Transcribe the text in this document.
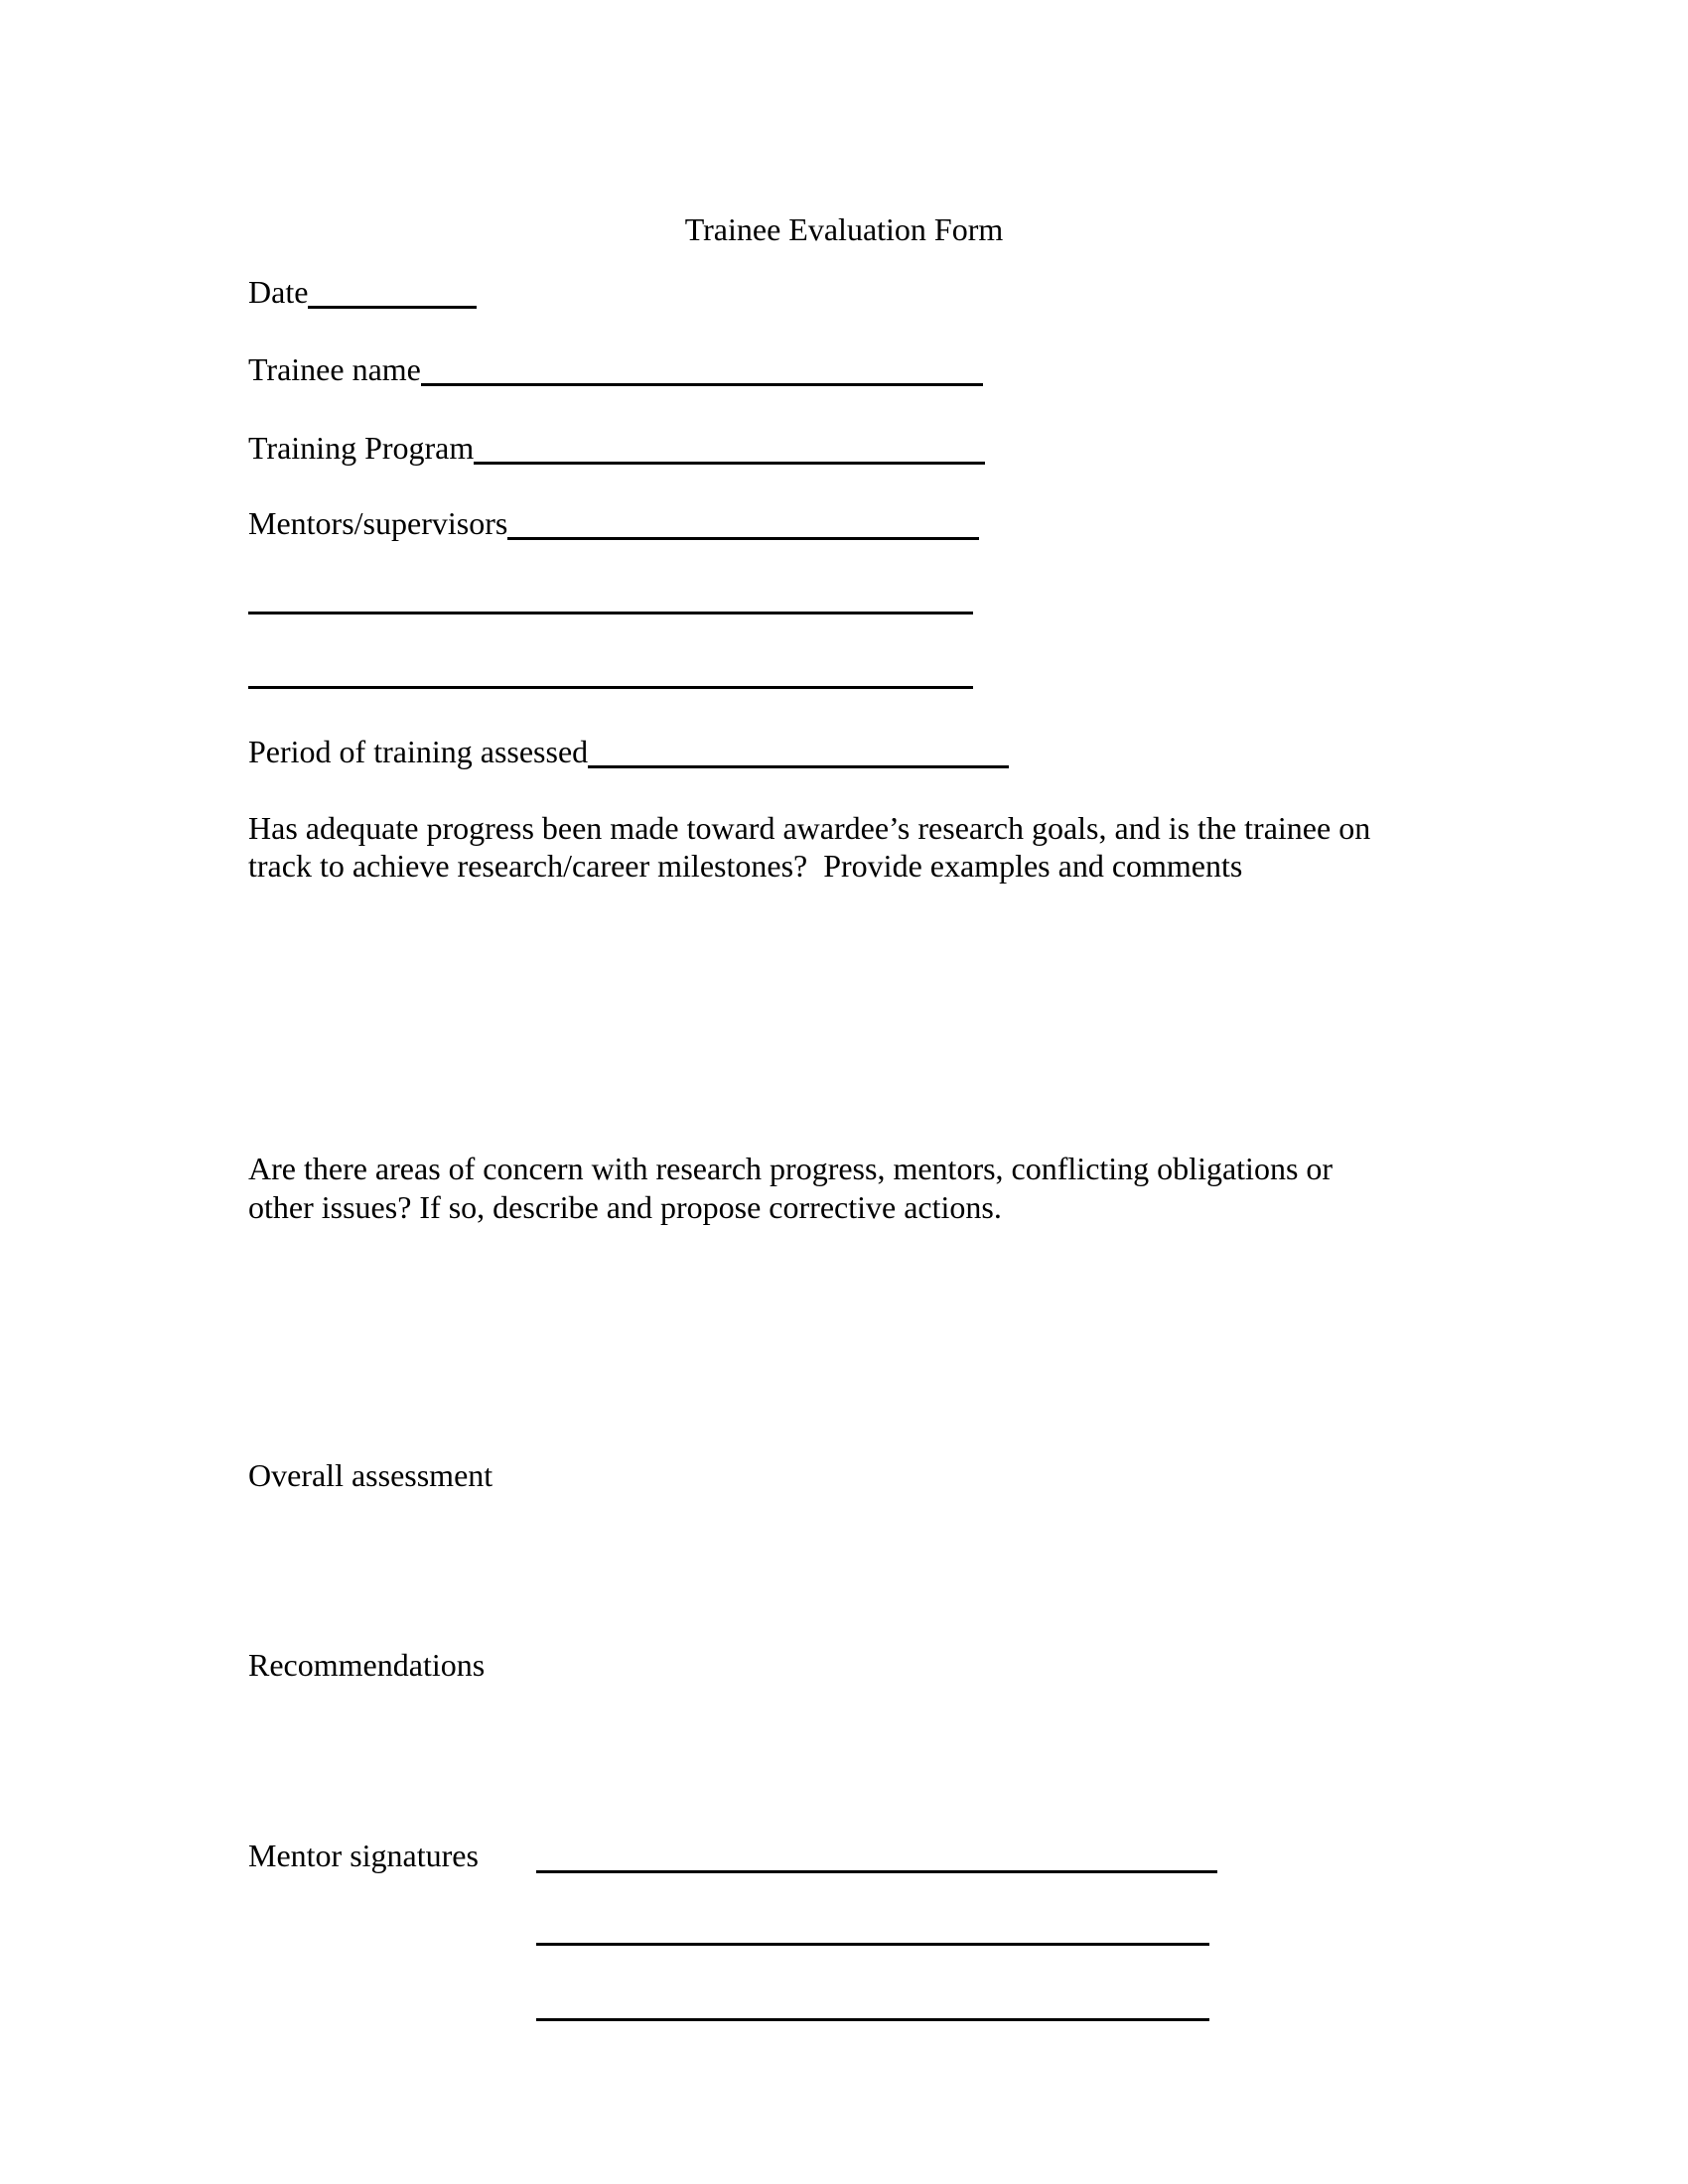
Trainee Evaluation Form
Date
Trainee name
Training Program
Mentors/supervisors
Period of training assessed
Has adequate progress been made toward awardee’s research goals, and is the trainee on
track to achieve research/career milestones?  Provide examples and comments
Are there areas of concern with research progress, mentors, conflicting obligations or
other issues? If so, describe and propose corrective actions.
Overall assessment
Recommendations
Mentor signatures
